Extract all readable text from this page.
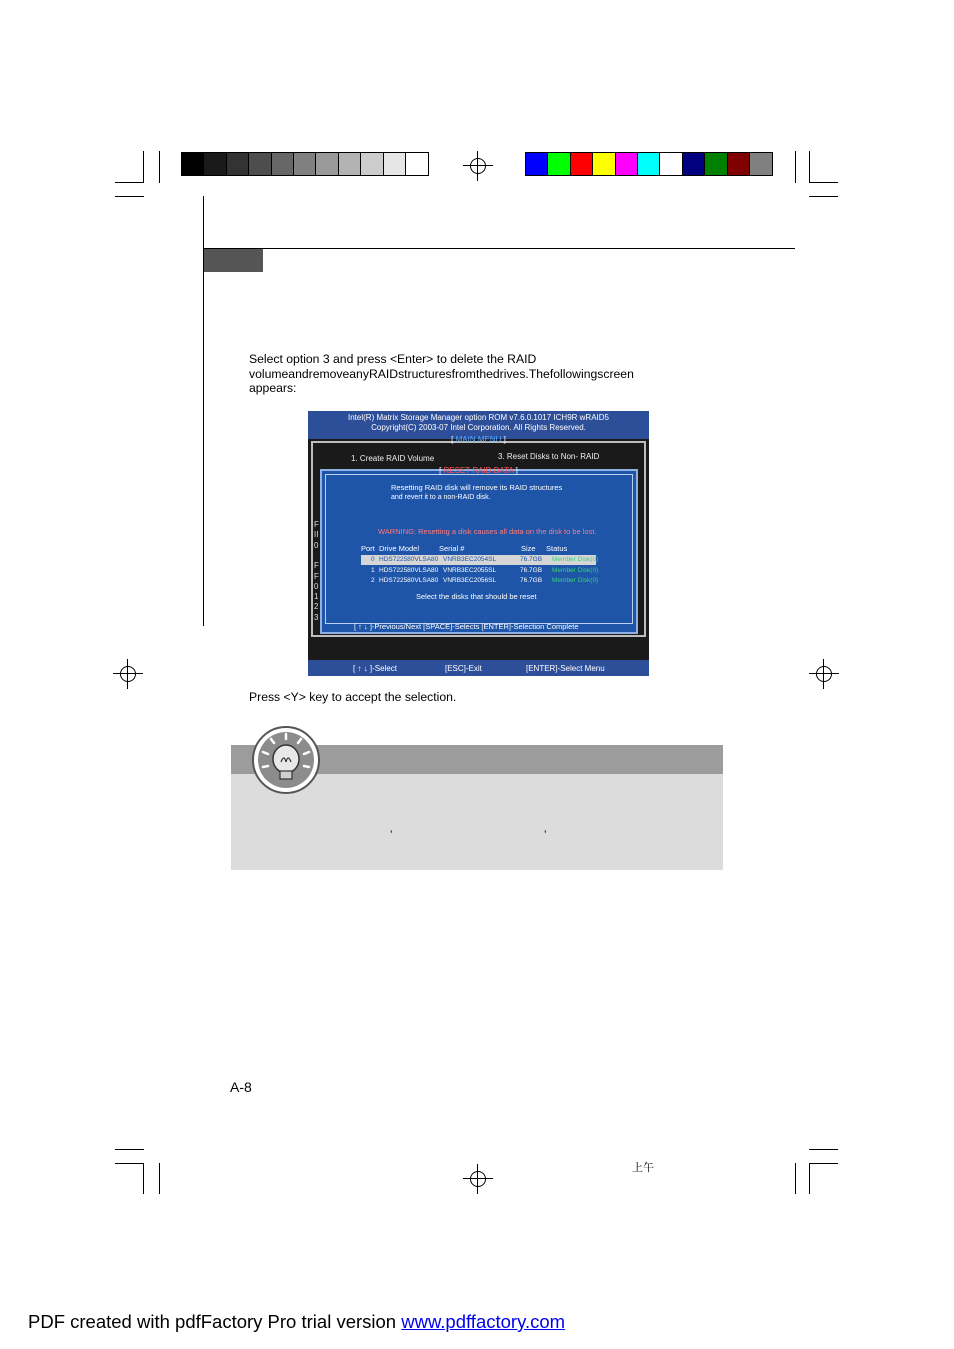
Select option 3 and press <Enter> to delete the RAID
volumeandremoveanyRAIDstructuresfromthedrives.Thefollowingscreen
appears:
Intel(R) Matrix Storage Manager option ROM v7.6.0.1017 ICH9R wRAID5
Copyright(C) 2003-07 Intel Corporation. All Rights Reserved.
[ MAIN MENU ]
1. Create RAID Volume	3. Reset Disks to Non- RAID
F
II
0
F
F
0
1
2
3
[ RESET RAID DATA ]
Resetting RAID disk will remove its RAID structures
and revert it to a non-RAID disk.
WARNING: Resetting a disk causes all data on the disk to be lost.
Port Drive Model	Serial #	Size Status
0 HDS722580VLSA80 VNRB3EC2054SL	76.7GB Member Disk(0)
1 HDS722580VLSA80 VNRB3EC2055SL	76.7GB Member Disk(0)
2 HDS722580VLSA80 VNRB3EC2056SL	76.7GB Member Disk(0)
Select the disks that should be reset
[ ↑ ↓ ]-Previous/Next [SPACE]-Selects [ENTER]-Selection Complete
[ ↑ ↓ ]-Select	[ESC]-Exit	[ENTER]-Select Menu
Press <Y> key to accept the selection.
’	’
A-8
上午
PDF created with pdfFactory Pro trial version www.pdffactory.com
